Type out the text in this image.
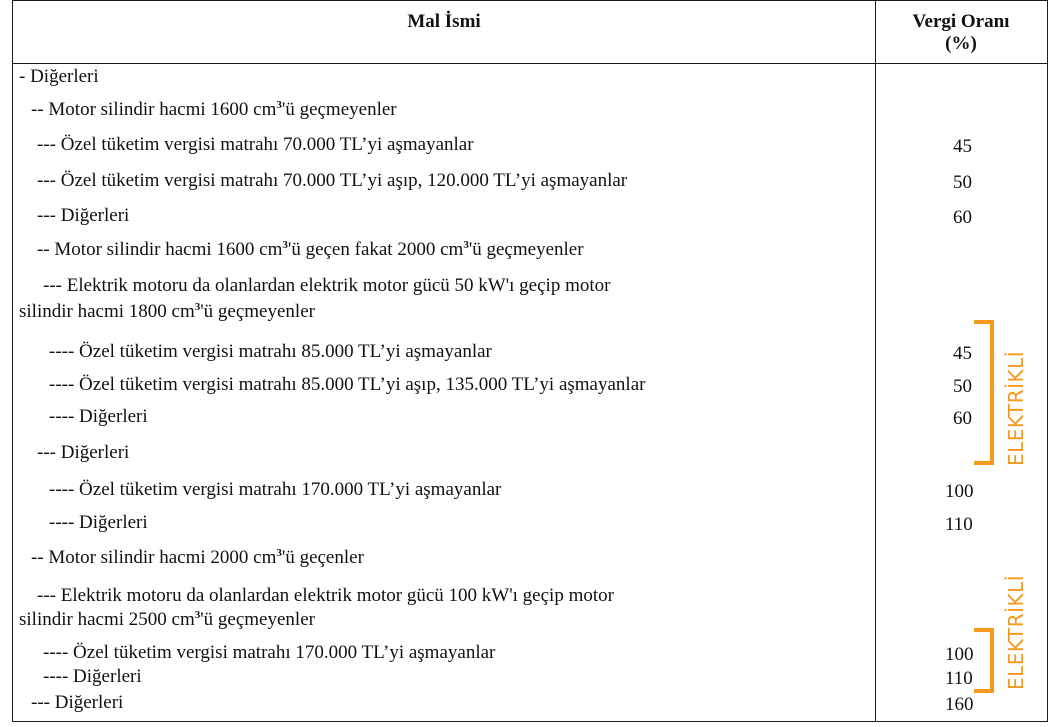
Mal İsmi	Vergi Oranı
(%)
- Diğerleri
-- Motor silindir hacmi 1600 $cm^3'ü$ geçmeyenler
--- Özel tüketim vergisi matrahı 70.000 TL’yi aşmayanlar	45
--- Özel tüketim vergisi matrahı 70.000 TL’yi aşıp, 120.000 TL’yi aşmayanlar	50
--- Diğerleri	60
-- Motor silindir hacmi 1600 $cm^3'ü$ geçen fakat 2000 $cm^3'ü$ geçmeyenler
--- Elektrik motoru da olanlardan elektrik motor gücü 50 kW'ı geçip motor
silindir hacmi 1800 $cm^3'ü$ geçmeyenler
---- Özel tüketim vergisi matrahı 85.000 TL’yi aşmayanlar	45
---- Özel tüketim vergisi matrahı 85.000 TL’yi aşıp, 135.000 TL’yi aşmayanlar	50
---- Diğerleri	60
--- Diğerleri
---- Özel tüketim vergisi matrahı 170.000 TL’yi aşmayanlar	100
---- Diğerleri	110
-- Motor silindir hacmi 2000 $cm^3'ü$ geçenler
--- Elektrik motoru da olanlardan elektrik motor gücü 100 kW'ı geçip motor
silindir hacmi 2500 $cm^3'ü$ geçmeyenler
---- Özel tüketim vergisi matrahı 170.000 TL’yi aşmayanlar	100
---- Diğerleri	110
--- Diğerleri	160
ELEKTRİKLİ
ELEKTRİKLİ
